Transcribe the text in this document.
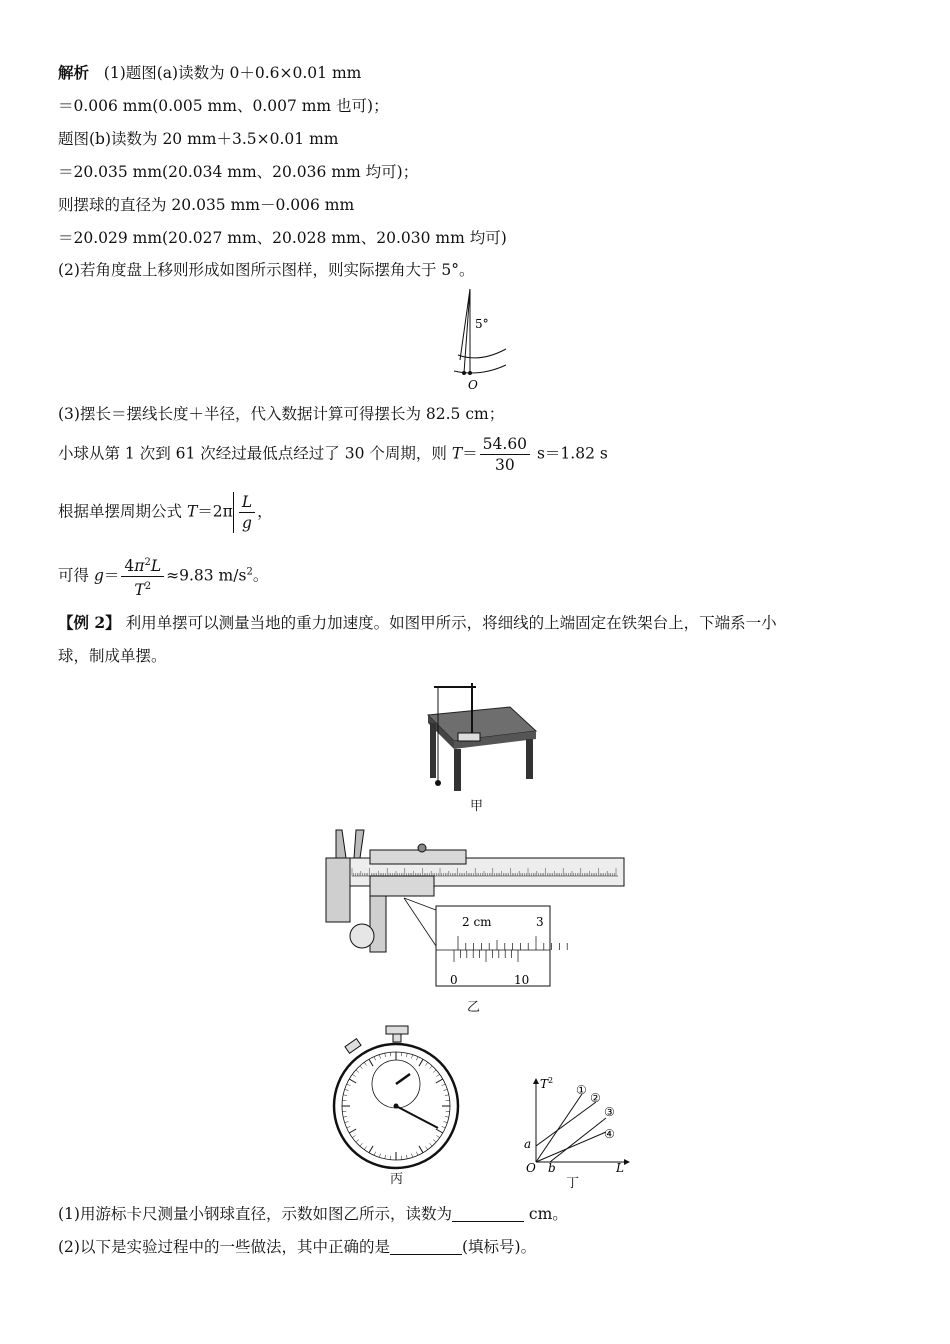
解析 (1)题图(a)读数为 0＋0.6×0.01 mm
＝0.006 mm(0.005 mm、0.007 mm 也可)；
题图(b)读数为 20 mm＋3.5×0.01 mm
＝20.035 mm(20.034 mm、20.036 mm 均可)；
则摆球的直径为 20.035 mm－0.006 mm
＝20.029 mm(20.027 mm、20.028 mm、20.030 mm 均可)
(2)若角度盘上移则形成如图所示图样，则实际摆角大于 5°。
5°
O
(3)摆长＝摆线长度＋半径，代入数据计算可得摆长为 82.5 cm；
小球从第 1 次到 61 次经过最低点经过了 30 个周期，则 $T= \frac{54.60}{30} s=1.82$ s
根据单摆周期公式 $T=2\pi \frac{L}{g}$ ，
可得 $g= \frac{4\pi^2L}{T^2} \approx 9.83$ $m/s^2$。
【例 2】 利用单摆可以测量当地的重力加速度。如图甲所示，将细线的上端固定在铁架台上，下端系一小
球，制成单摆。
甲
2 cm	3
0	10
乙
丙
T 2
L
O
a
b
①
②
③
④
丁
(1)用游标卡尺测量小钢球直径，示数如图乙所示，读数为	cm。
(2)以下是实验过程中的一些做法，其中正确的是	(填标号)。
